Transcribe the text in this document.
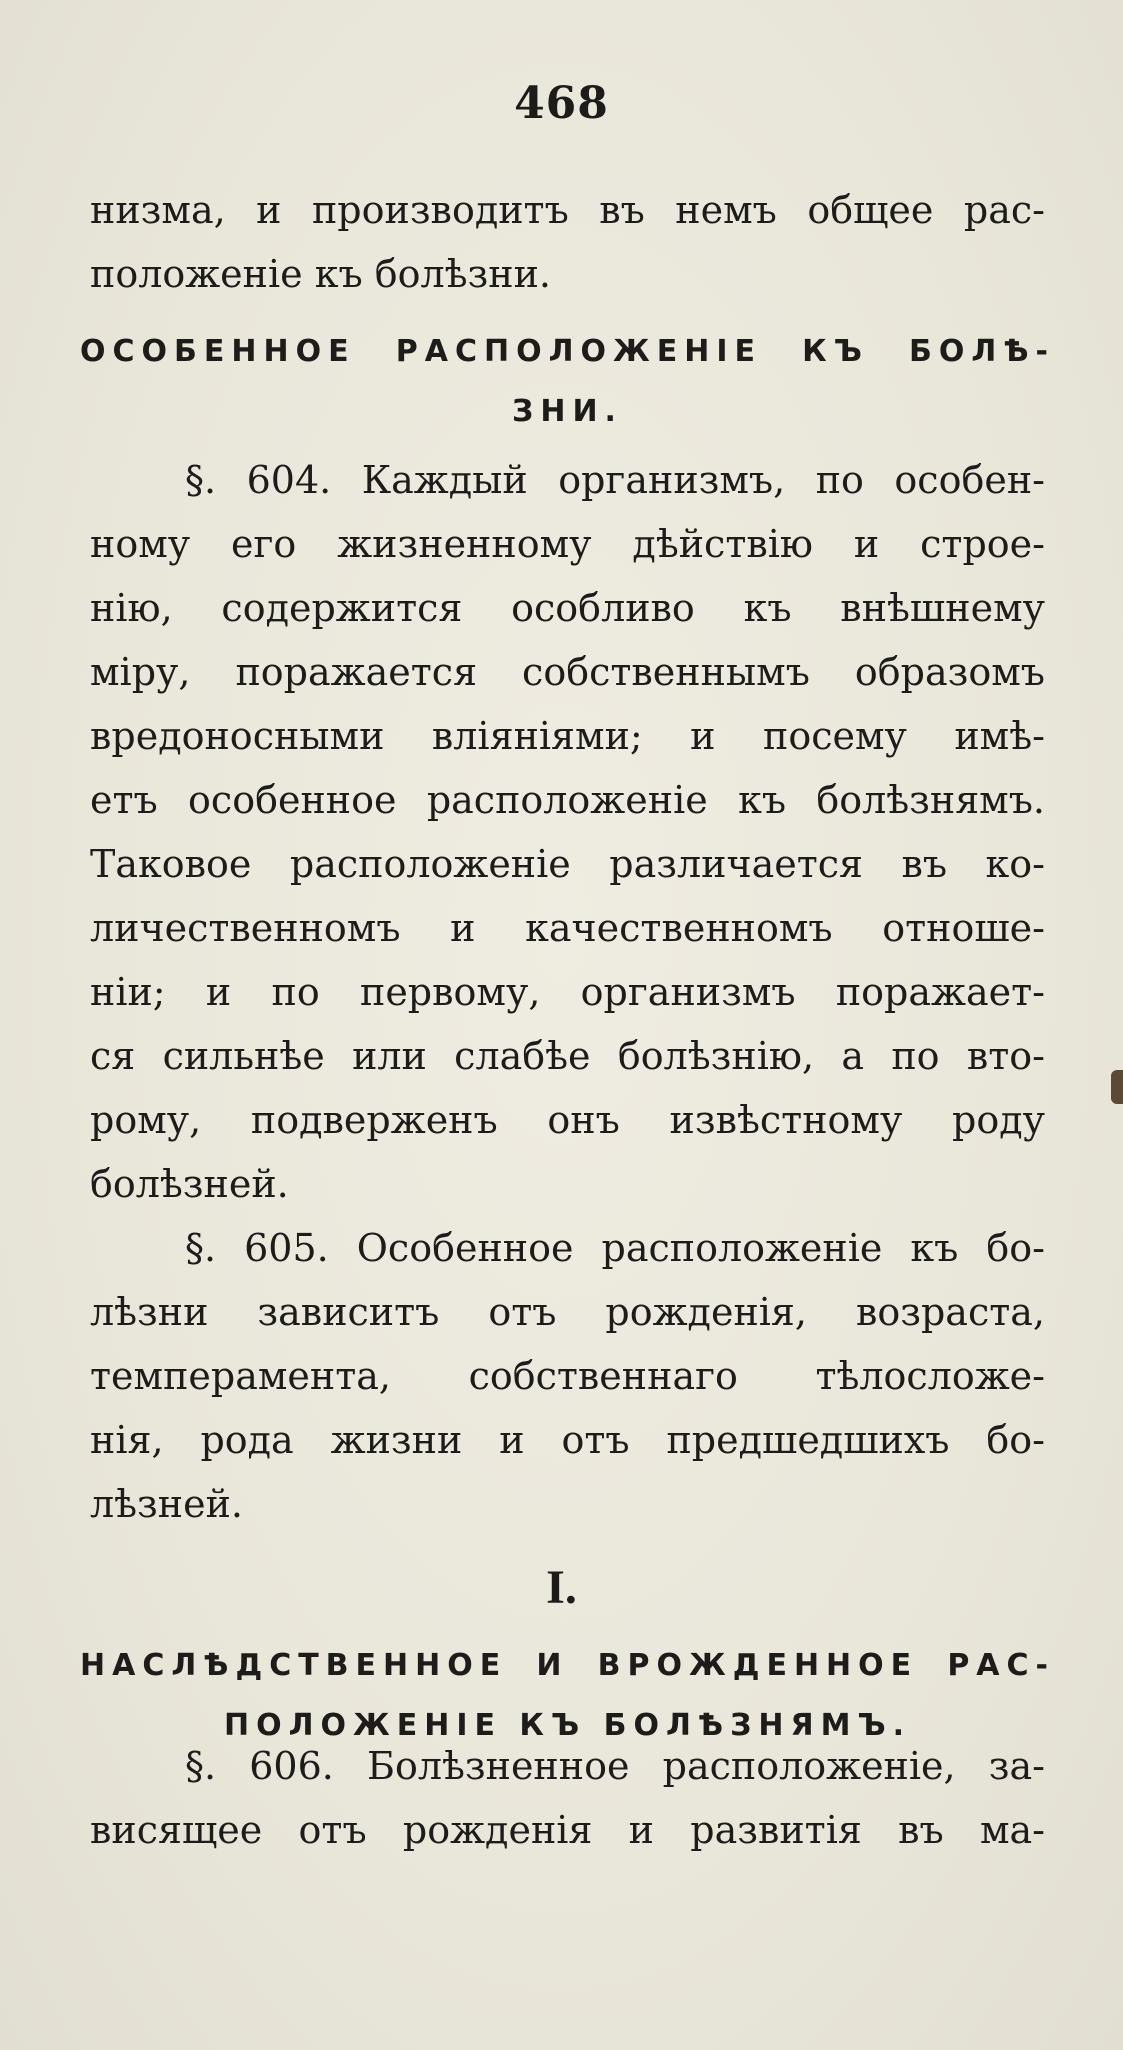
468
низма, и производитъ въ немъ общее рас-
положеніе къ болѣзни.
ОСОБЕННОЕ РАСПОЛОЖЕНІЕ КЪ БОЛѢ-
ЗНИ.
§. 604. Каждый организмъ, по особен-
ному его жизненному дѣйствію и строе-
нію, содержится особливо къ внѣшнему
міру, поражается собственнымъ образомъ
вредоносными вліяніями; и посему имѣ-
етъ особенное расположеніе къ болѣзнямъ.
Таковое расположеніе различается въ ко-
личественномъ и качественномъ отноше-
ніи; и по первому, организмъ поражает-
ся сильнѣе или слабѣе болѣзнію, а по вто-
рому, подверженъ онъ извѣстному роду
болѣзней.
§. 605. Особенное расположеніе къ бо-
лѣзни зависитъ отъ рожденія, возраста,
темперамента, собственнаго тѣлосложе-
нія, рода жизни и отъ предшедшихъ бо-
лѣзней.
I.
НАСЛѢДСТВЕННОЕ И ВРОЖДЕННОЕ РАС-
ПОЛОЖЕНІЕ КЪ БОЛѢЗНЯМЪ.
§. 606. Болѣзненное расположеніе, за-
висящее отъ рожденія и развитія въ ма-
